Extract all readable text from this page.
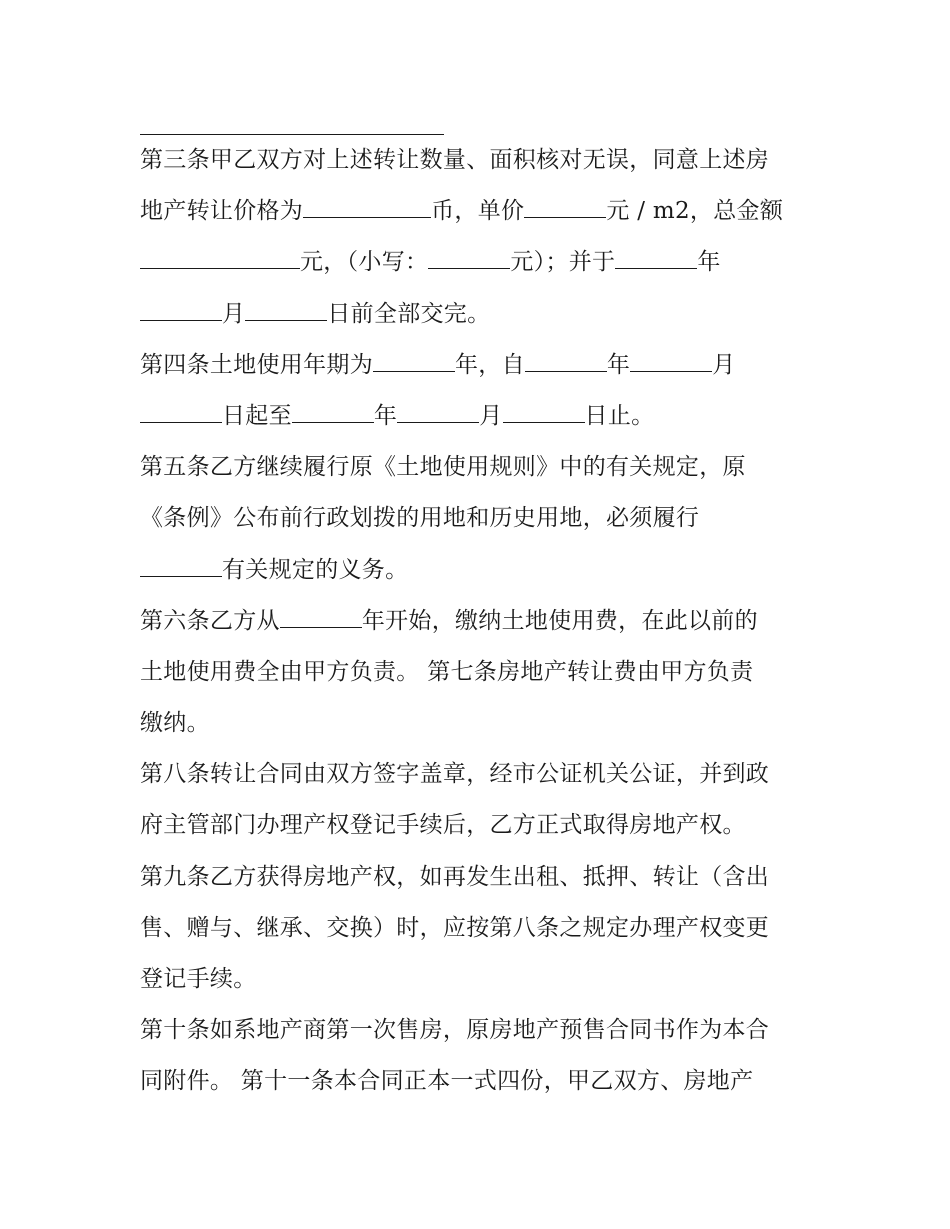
第三条甲乙双方对上述转让数量、面积核对无误，同意上述房
地产转让价格为	币，单价	元 / m2，总金额
元，（小写：	元）；并于	年
月	日前全部交完。
第四条土地使用年期为	年，自	年	月
日起至	年	月	日止。
第五条乙方继续履行原《土地使用规则》中的有关规定，原
《条例》公布前行政划拨的用地和历史用地，必须履行
有关规定的义务。
第六条乙方从	年开始，缴纳土地使用费，在此以前的
土地使用费全由甲方负责。 第七条房地产转让费由甲方负责
缴纳。
第八条转让合同由双方签字盖章，经市公证机关公证，并到政
府主管部门办理产权登记手续后，乙方正式取得房地产权。
第九条乙方获得房地产权，如再发生出租、抵押、转让（含出
售、赠与、继承、交换）时，应按第八条之规定办理产权变更
登记手续。
第十条如系地产商第一次售房，原房地产预售合同书作为本合
同附件。 第十一条本合同正本一式四份，甲乙双方、房地产
